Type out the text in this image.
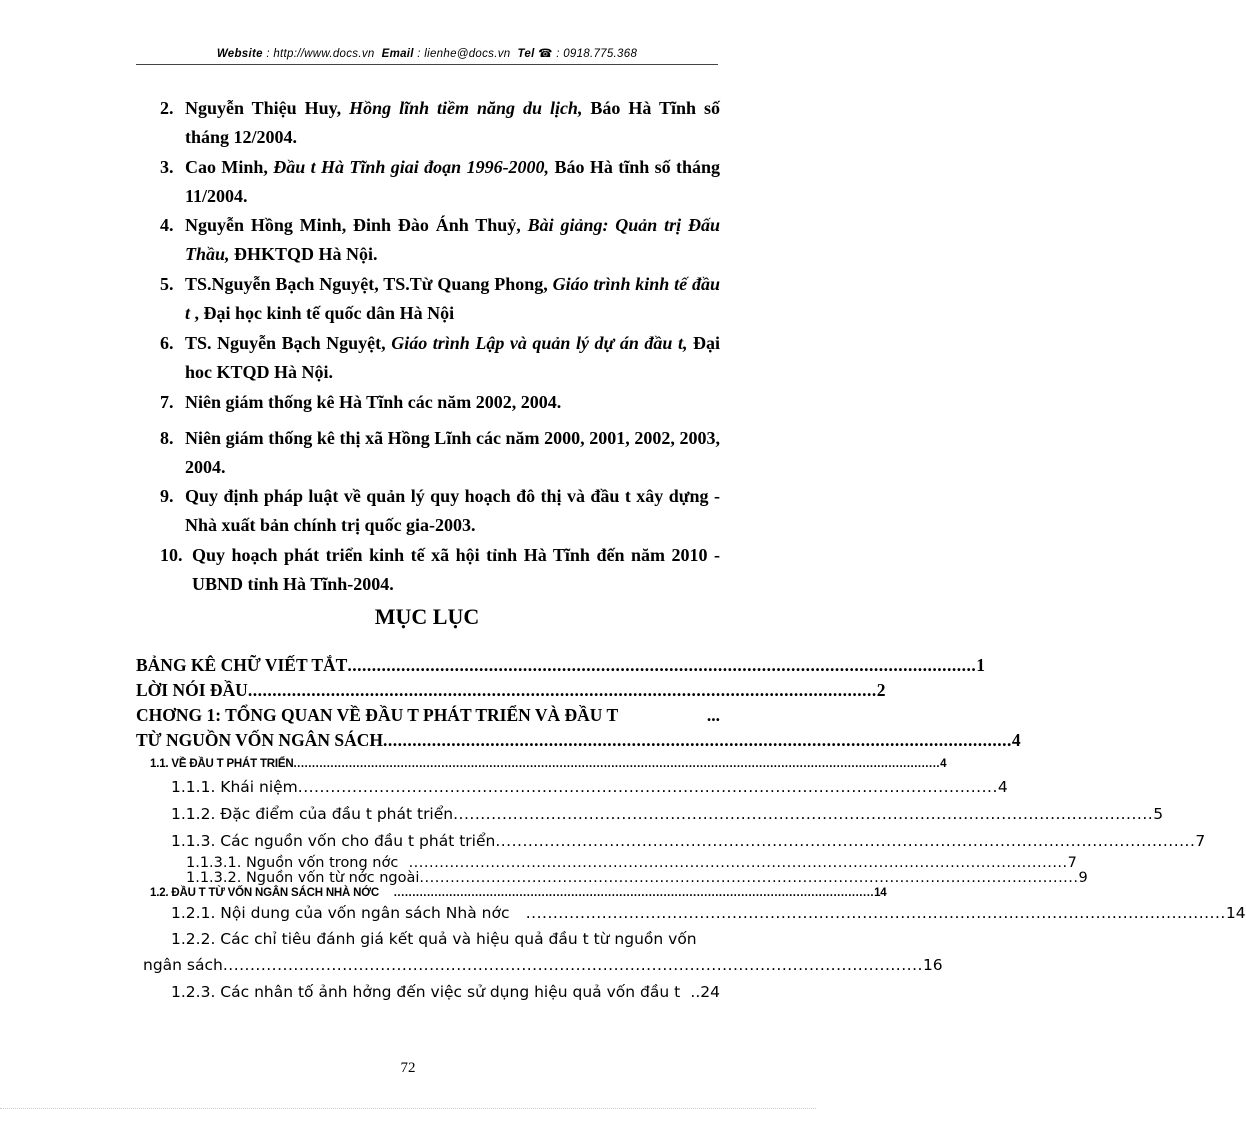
Website : http://www.docs.vn Email : lienhe@docs.vn Tel ☎ : 0918.775.368
2. Nguyễn Thiệu Huy, Hồng lĩnh tiềm năng du lịch, Báo Hà Tĩnh số tháng 12/2004.
3. Cao Minh, Đầu t Hà Tĩnh giai đoạn 1996-2000, Báo Hà tĩnh số tháng 11/2004.
4. Nguyễn Hồng Minh, Đinh Đào Ánh Thuỷ, Bài giảng: Quản trị Đấu Thầu, ĐHKTQD Hà Nội.
5. TS.Nguyễn Bạch Nguyệt, TS.Từ Quang Phong, Giáo trình kinh tế đầu t , Đại học kinh tế quốc dân Hà Nội
6. TS. Nguyễn Bạch Nguyệt, Giáo trình Lập và quản lý dự án đầu t, Đại hoc KTQD Hà Nội.
7. Niên giám thống kê Hà Tĩnh các năm 2002, 2004.
8. Niên giám thống kê thị xã Hồng Lĩnh các năm 2000, 2001, 2002, 2003, 2004.
9. Quy định pháp luật về quản lý quy hoạch đô thị và đầu t xây dựng - Nhà xuất bản chính trị quốc gia-2003.
10. Quy hoạch phát triển kinh tế xã hội tỉnh Hà Tĩnh đến năm 2010 - UBND tỉnh Hà Tĩnh-2004.
MỤC LỤC
BẢNG KÊ CHỮ VIẾT TẮT ................................................................................................................................. 1
LỜI NÓI ĐẦU ................................................................................................................................. 2
CHƠNG 1: TỔNG QUAN VỀ ĐẦU T PHÁT TRIỂN VÀ ĐẦU T
	...
TỪ NGUỒN VỐN NGÂN SÁCH ................................................................................................................................. 4
1.1. VỀ ĐẦU T PHÁT TRIỂN ............................................................................................................................................................................... 4
1.1.1. Khái niệm ................................................................................................................................. 4
1.1.2. Đặc điểm của đầu t phát triển ................................................................................................................................. 5
1.1.3. Các nguồn vốn cho đầu t phát triển ................................................................................................................................. 7
1.1.3.1. Nguồn vốn trong nớc ................................................................................................................................. 7
1.1.3.2. Nguồn vốn từ nớc ngoài ................................................................................................................................. 9
1.2. ĐẦU T TỪ VỐN NGÂN SÁCH NHÀ NỚC .................................................................................................................................. 14
1.2.1. Nội dung của vốn ngân sách Nhà nớc ................................................................................................................................. 14
1.2.2. Các chỉ tiêu đánh giá kết quả và hiệu quả đầu t từ nguồn vốn
ngân sách ................................................................................................................................. 16
1.2.3. Các nhân tố ảnh hởng đến việc sử dụng hiệu quả vốn đầu t
..24
72
